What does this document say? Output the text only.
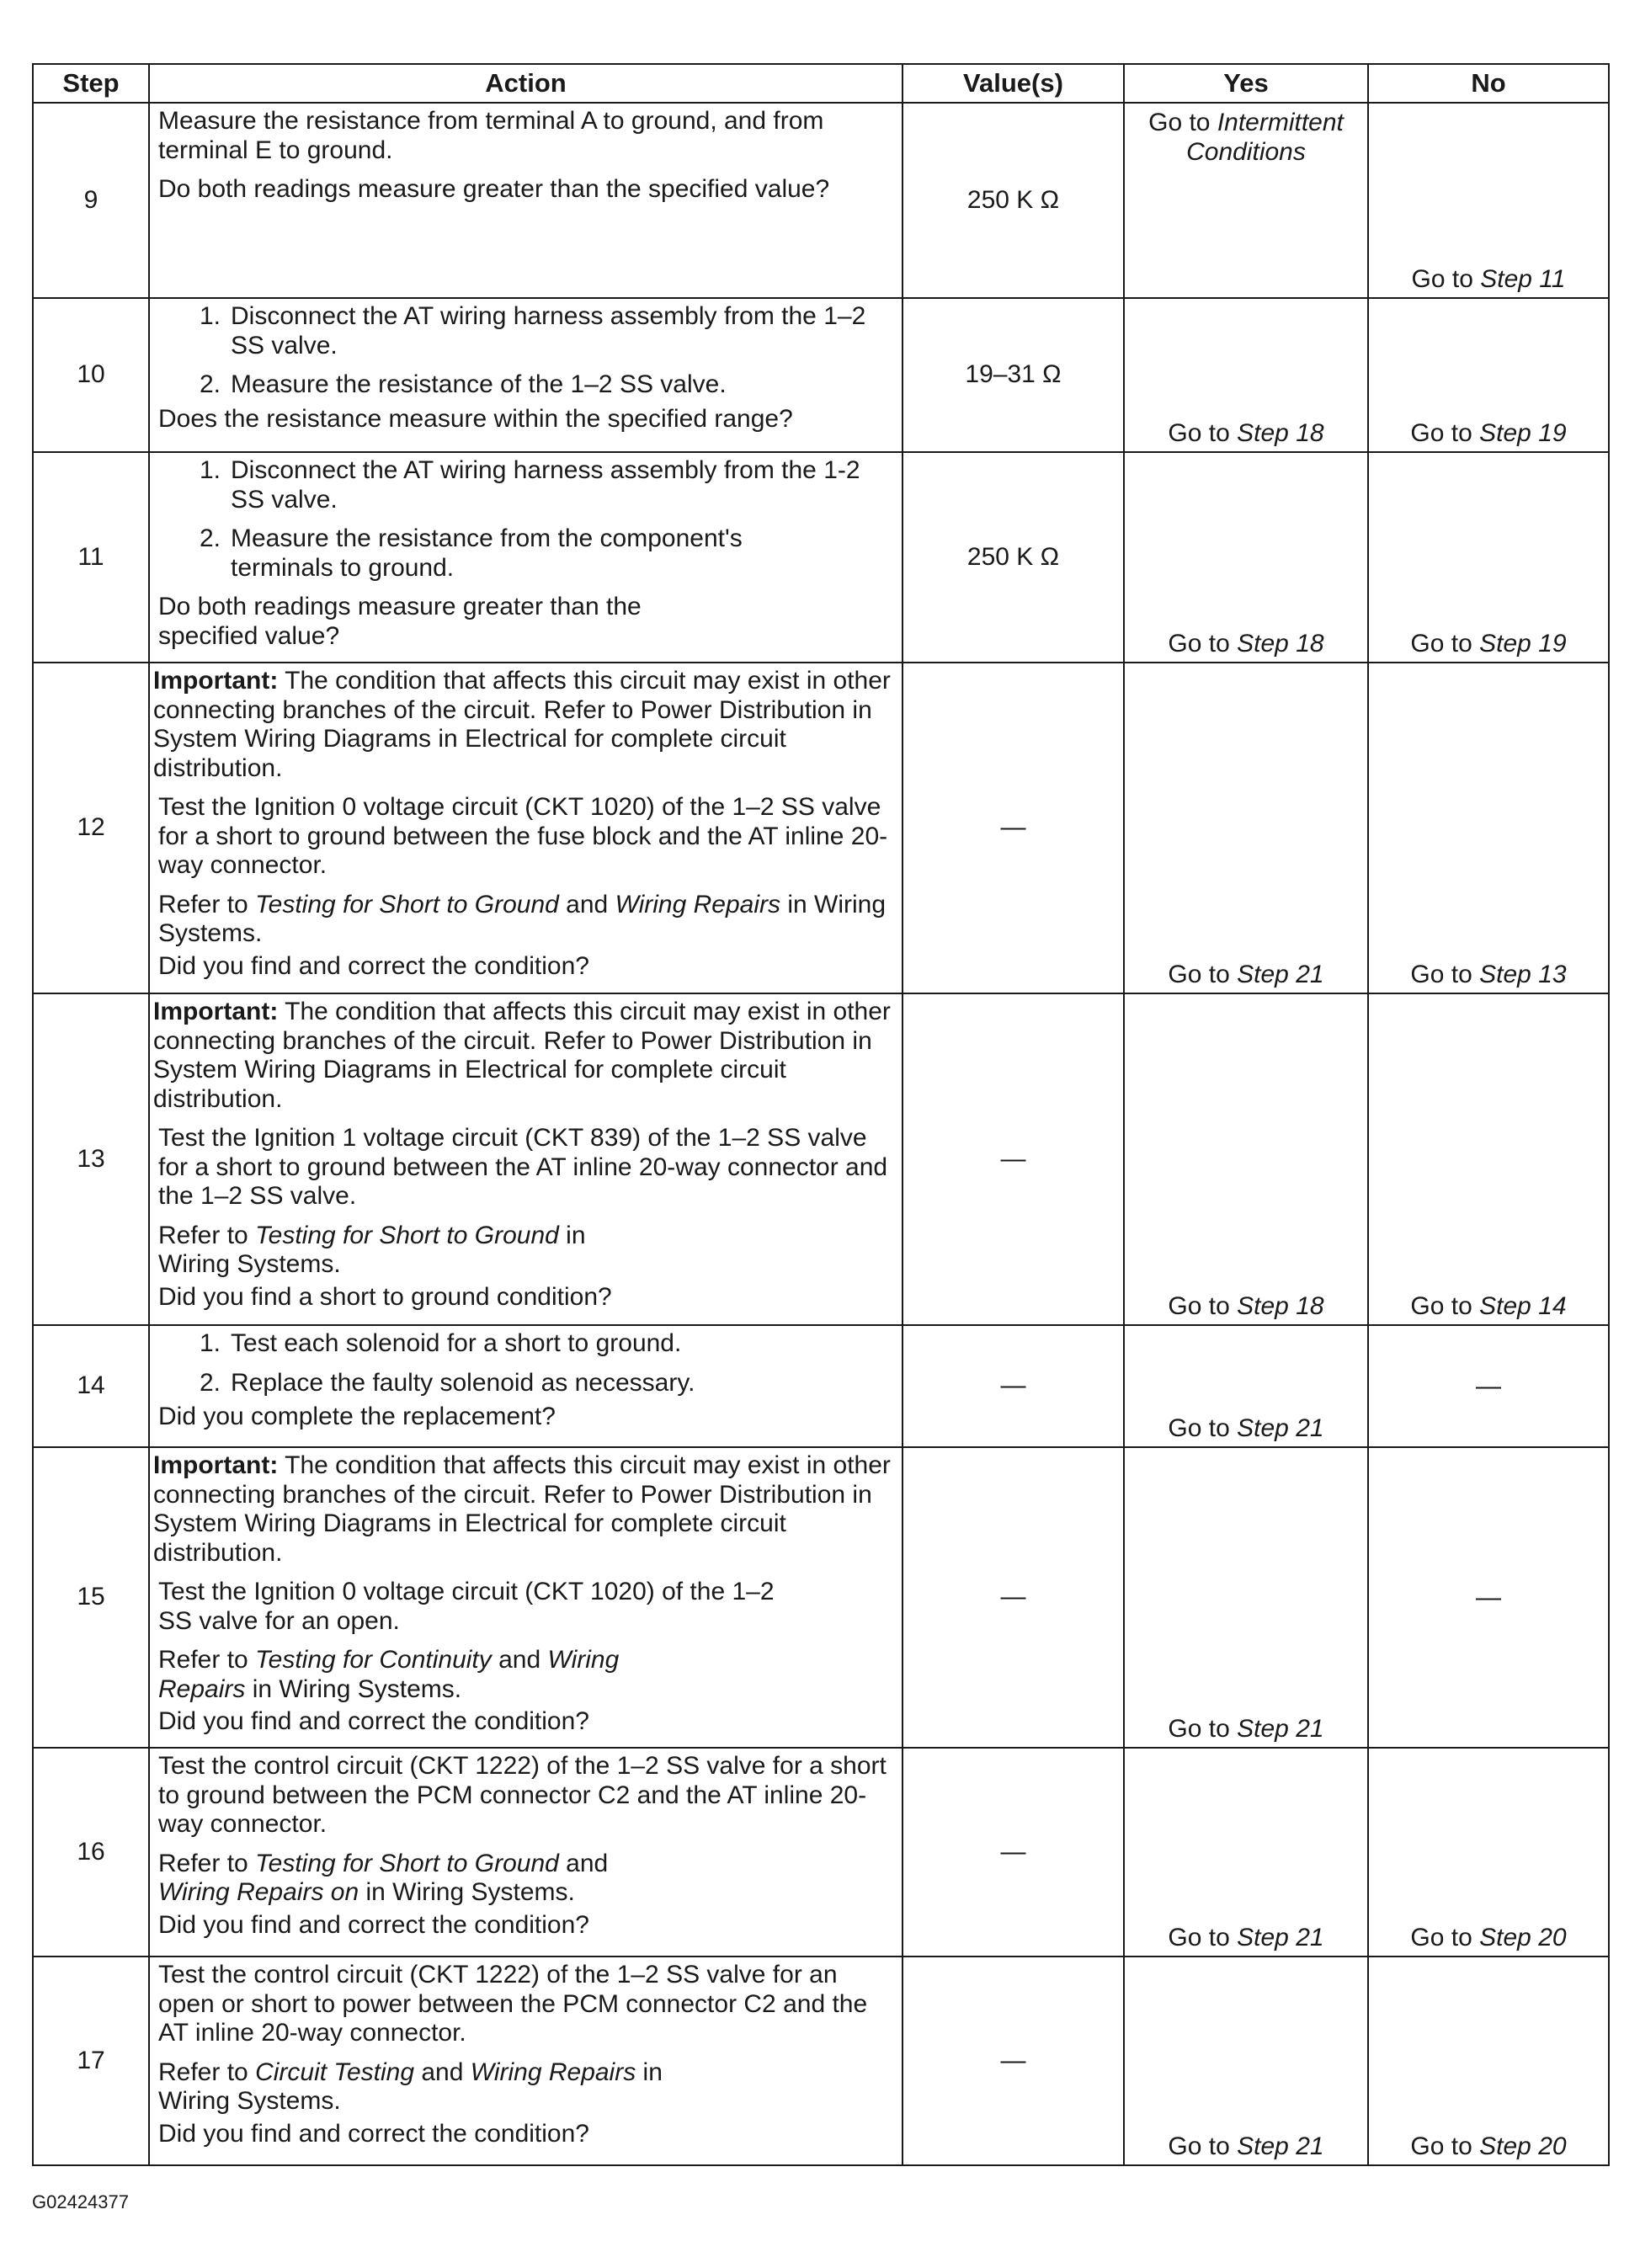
Step	Action	Value(s)	Yes	No
9	Measure the resistance from terminal A to ground, and from terminal E to ground.
Do both readings measure greater than the specified value?	250 K Ω	Go to Intermittent Conditions	Go to Step 11

10	1. Disconnect the AT wiring harness assembly from the 1–2 SS valve.
2. Measure the resistance of the 1–2 SS valve.
Does the resistance measure within the specified range?	19–31 Ω	Go to Step 18	Go to Step 19

11	1. Disconnect the AT wiring harness assembly from the 1-2 SS valve.
2. Measure the resistance from the component's terminals to ground.
Do both readings measure greater than the specified value?	250 K Ω	Go to Step 18	Go to Step 19

12	Important: The condition that affects this circuit may exist in other connecting branches of the circuit. Refer to Power Distribution in System Wiring Diagrams in Electrical for complete circuit distribution.
Test the Ignition 0 voltage circuit (CKT 1020) of the 1–2 SS valve for a short to ground between the fuse block and the AT inline 20-way connector.
Refer to Testing for Short to Ground and Wiring Repairs in Wiring Systems.
Did you find and correct the condition?	—	Go to Step 21	Go to Step 13

13	Important: The condition that affects this circuit may exist in other connecting branches of the circuit. Refer to Power Distribution in System Wiring Diagrams in Electrical for complete circuit distribution.
Test the Ignition 1 voltage circuit (CKT 839) of the 1–2 SS valve for a short to ground between the AT inline 20-way connector and the 1–2 SS valve.
Refer to Testing for Short to Ground in Wiring Systems.
Did you find a short to ground condition?	—	Go to Step 18	Go to Step 14

14	1. Test each solenoid for a short to ground.
2. Replace the faulty solenoid as necessary.
Did you complete the replacement?	—	Go to Step 21	—

15	Important: The condition that affects this circuit may exist in other connecting branches of the circuit. Refer to Power Distribution in System Wiring Diagrams in Electrical for complete circuit distribution.
Test the Ignition 0 voltage circuit (CKT 1020) of the 1–2 SS valve for an open.
Refer to Testing for Continuity and Wiring Repairs in Wiring Systems.
Did you find and correct the condition?	—	Go to Step 21	—

16	Test the control circuit (CKT 1222) of the 1–2 SS valve for a short to ground between the PCM connector C2 and the AT inline 20-way connector.
Refer to Testing for Short to Ground and Wiring Repairs on in Wiring Systems.
Did you find and correct the condition?	—	Go to Step 21	Go to Step 20

17	Test the control circuit (CKT 1222) of the 1–2 SS valve for an open or short to power between the PCM connector C2 and the AT inline 20-way connector.
Refer to Circuit Testing and Wiring Repairs in Wiring Systems.
Did you find and correct the condition?	—	Go to Step 21	Go to Step 20
G02424377
